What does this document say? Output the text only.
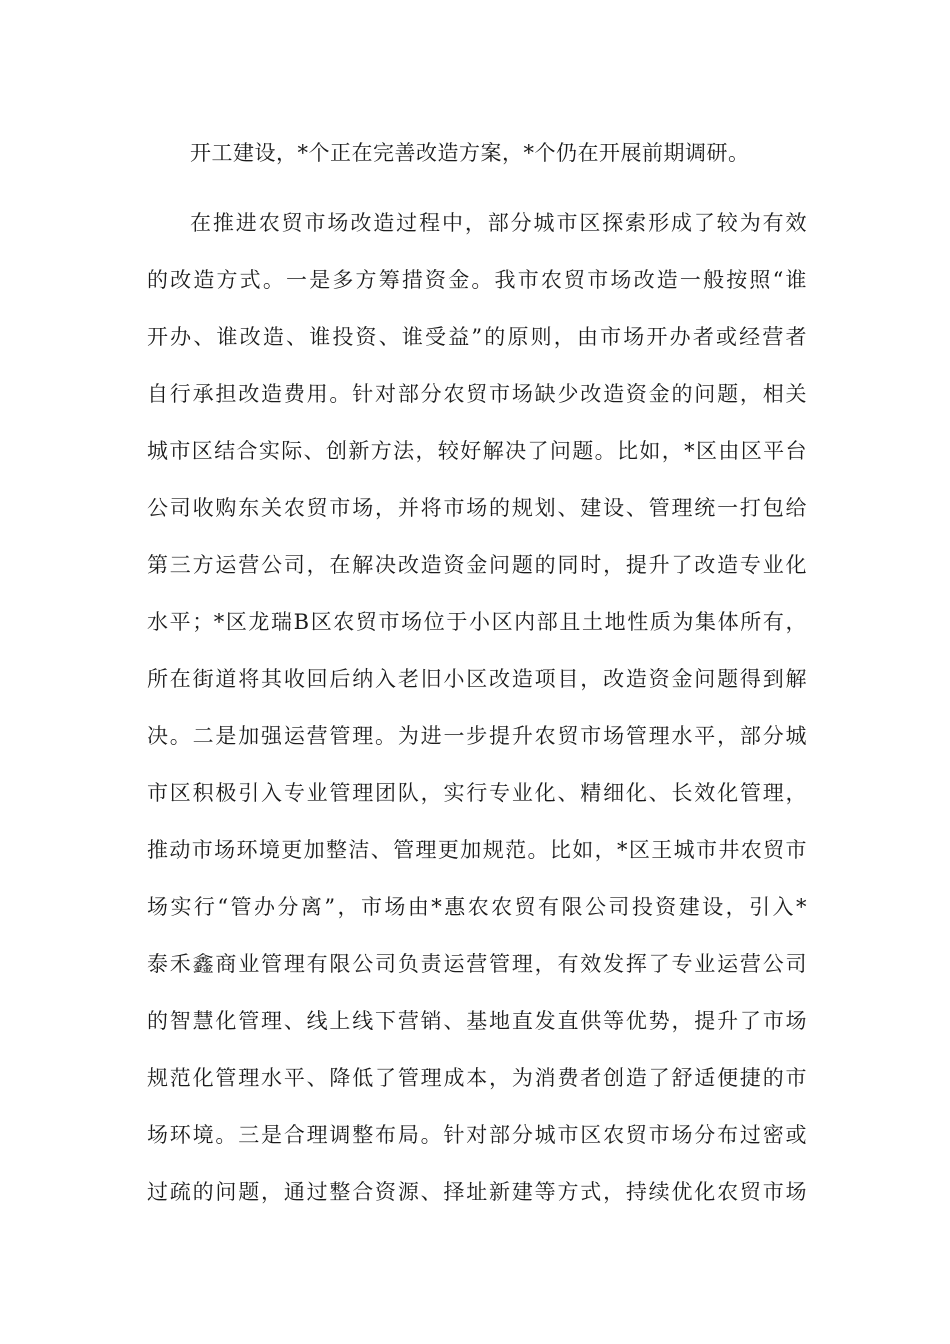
开工建设，*个正在完善改造方案，*个仍在开展前期调研。
在推进农贸市场改造过程中，部分城市区探索形成了较为有效
的改造方式。一是多方筹措资金。我市农贸市场改造一般按照“谁
开办、谁改造、谁投资、谁受益”的原则，由市场开办者或经营者
自行承担改造费用。针对部分农贸市场缺少改造资金的问题，相关
城市区结合实际、创新方法，较好解决了问题。比如，*区由区平台
公司收购东关农贸市场，并将市场的规划、建设、管理统一打包给
第三方运营公司，在解决改造资金问题的同时，提升了改造专业化
水平；*区龙瑞B区农贸市场位于小区内部且土地性质为集体所有，
所在街道将其收回后纳入老旧小区改造项目，改造资金问题得到解
决。二是加强运营管理。为进一步提升农贸市场管理水平，部分城
市区积极引入专业管理团队，实行专业化、精细化、长效化管理，
推动市场环境更加整洁、管理更加规范。比如，*区王城市井农贸市
场实行“管办分离”，市场由*惠农农贸有限公司投资建设，引入*
泰禾鑫商业管理有限公司负责运营管理，有效发挥了专业运营公司
的智慧化管理、线上线下营销、基地直发直供等优势，提升了市场
规范化管理水平、降低了管理成本，为消费者创造了舒适便捷的市
场环境。三是合理调整布局。针对部分城市区农贸市场分布过密或
过疏的问题，通过整合资源、择址新建等方式，持续优化农贸市场
